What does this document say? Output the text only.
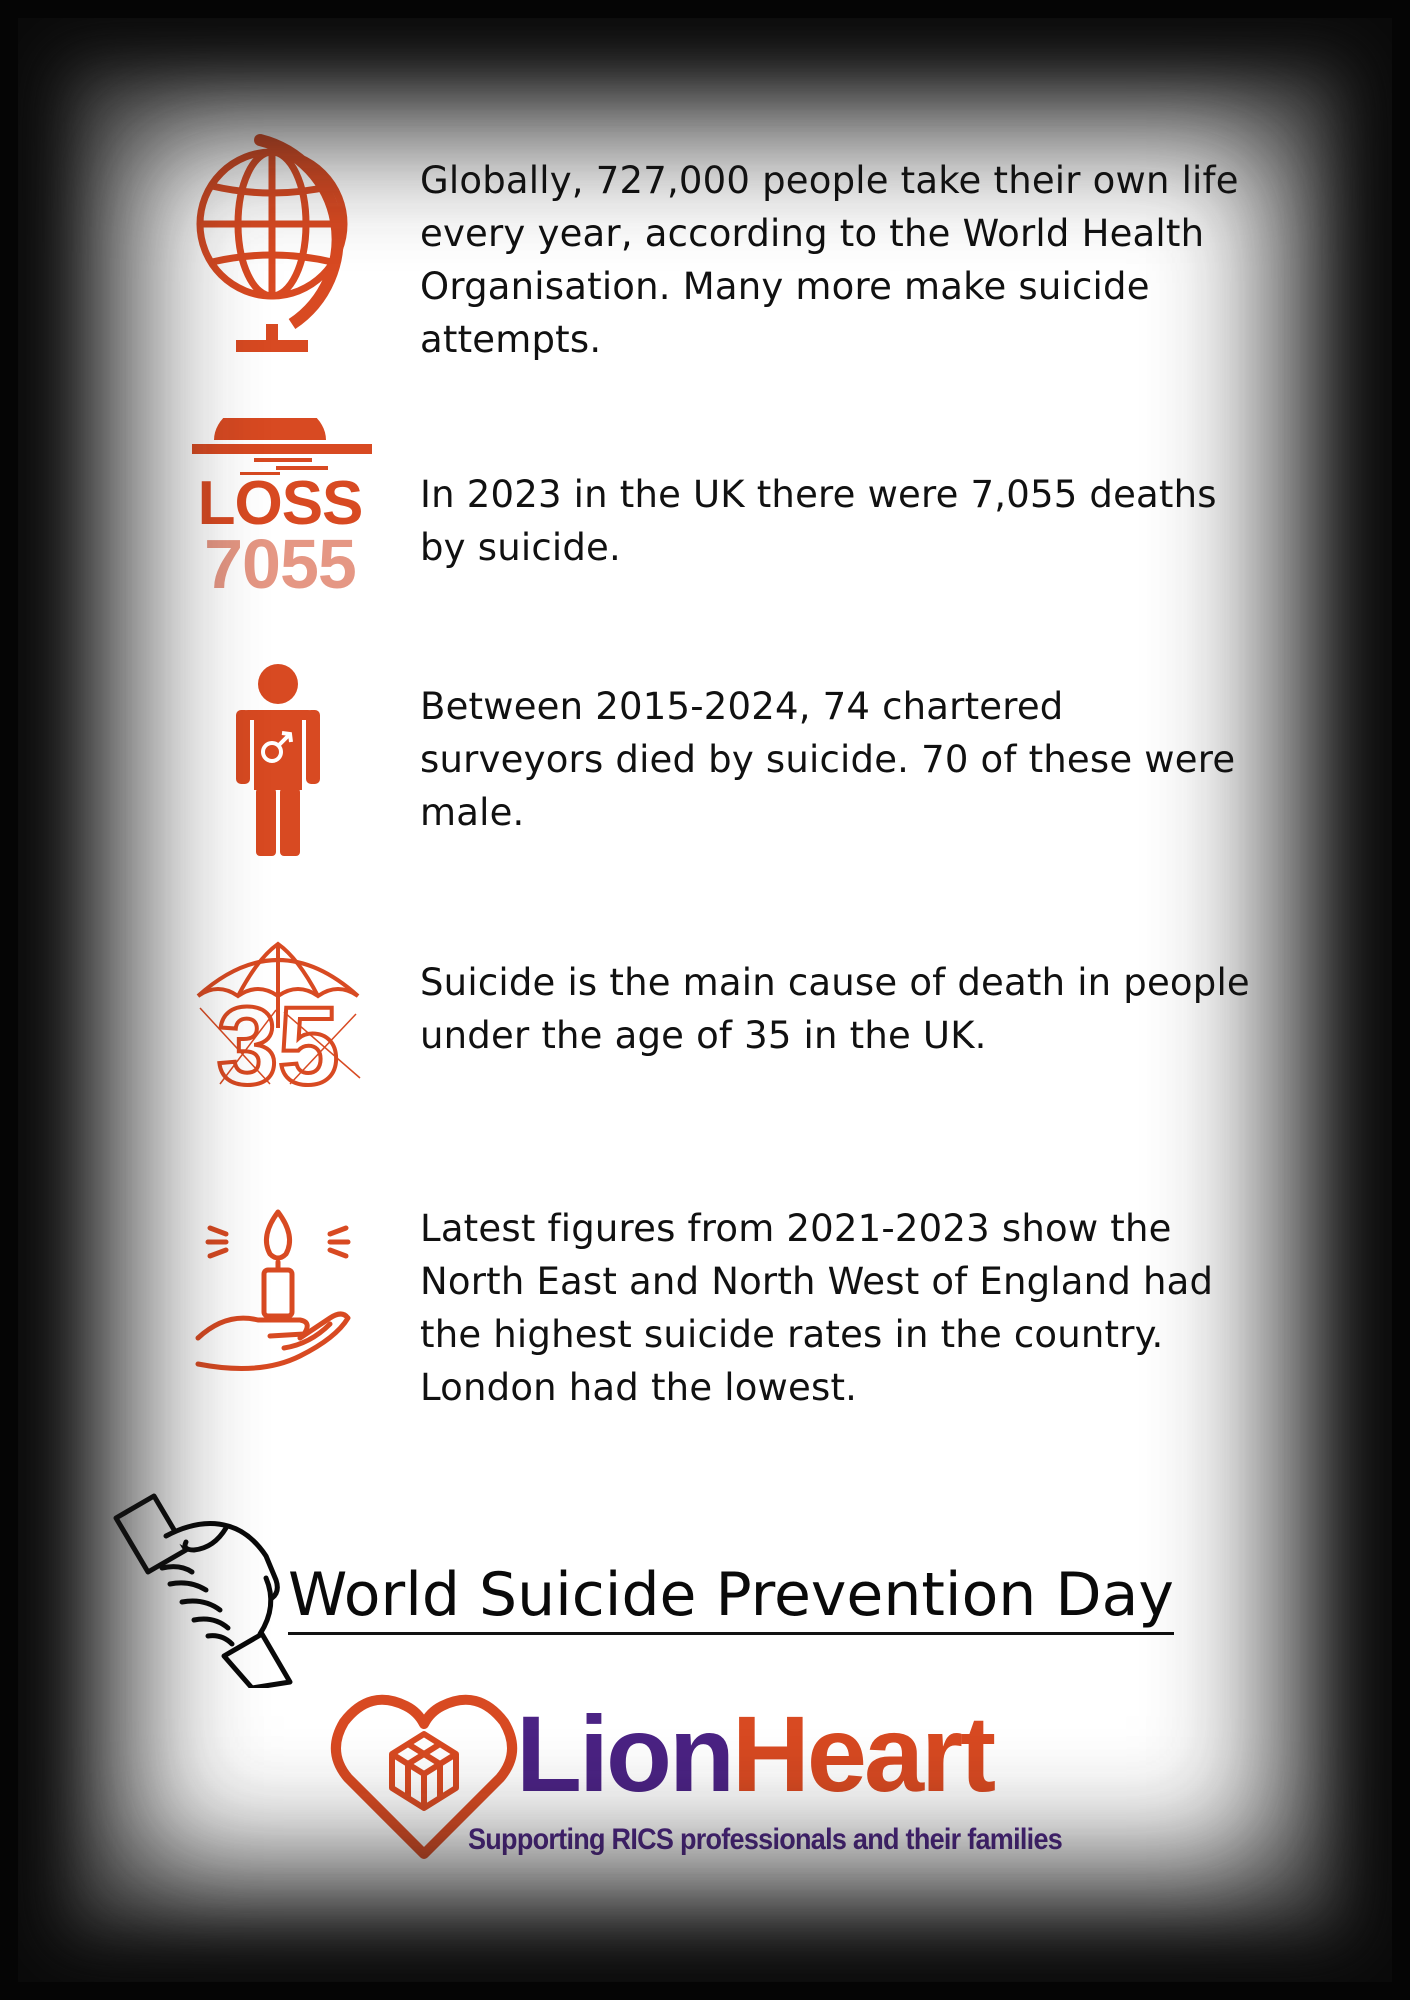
Globally, 727,000 people take their own life every year, according to the World Health Organisation. Many more make suicide attempts.

LOSS
7055

In 2023 in the UK there were 7,055 deaths by suicide.

Between 2015-2024, 74 chartered surveyors died by suicide. 70 of these were male.

35

Suicide is the main cause of death in people under the age of 35 in the UK.

Latest figures from 2021-2023 show the North East and North West of England had the highest suicide rates in the country. London had the lowest.

World Suicide Prevention Day
LionHeart
Supporting RICS professionals and their families
